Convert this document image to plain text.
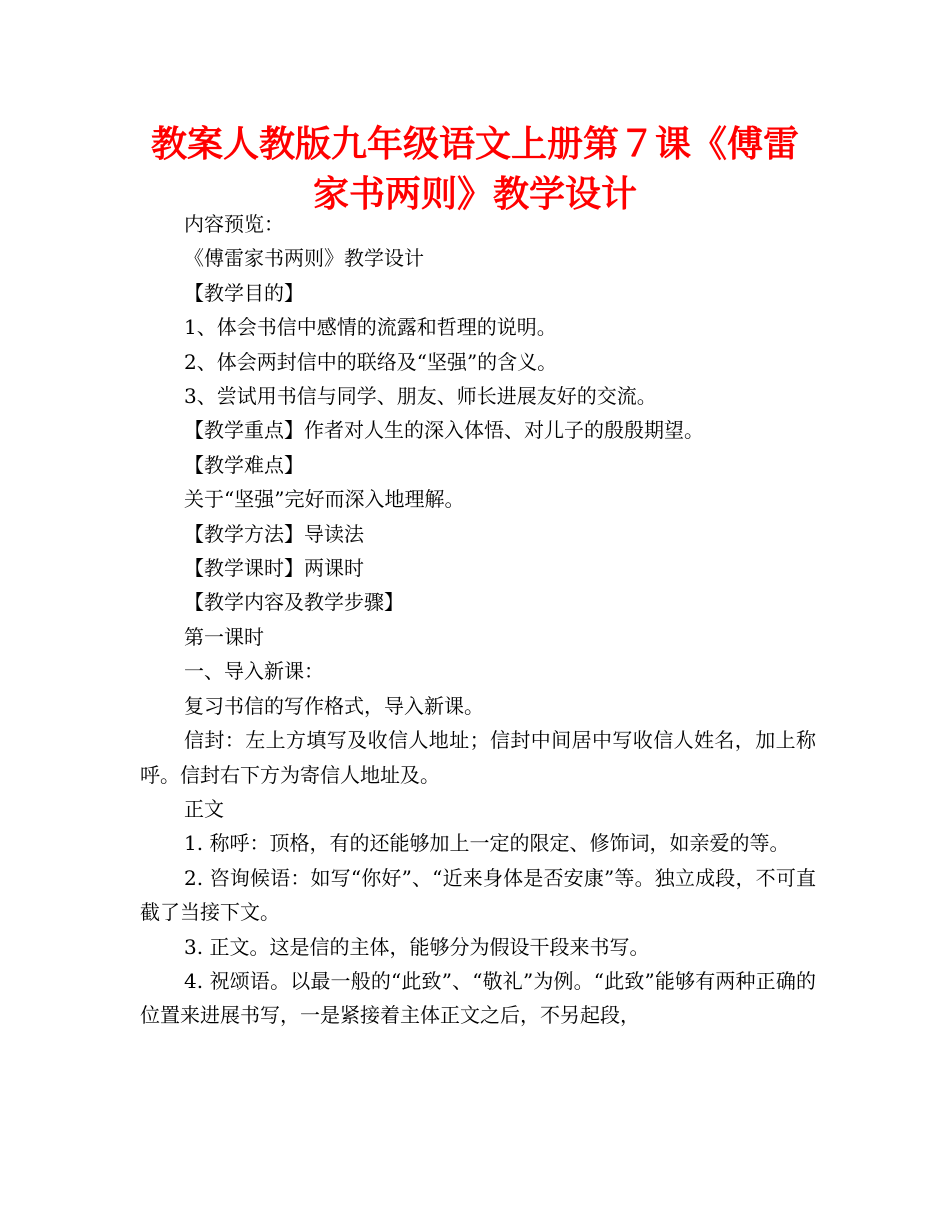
教案人教版九年级语文上册第７课《傅雷家书两则》教学设计

内容预览：

《傅雷家书两则》教学设计

【教学目的】

1、体会书信中感情的流露和哲理的说明。

2、体会两封信中的联络及“坚强”的含义。

3、尝试用书信与同学、朋友、师长进展友好的交流。

【教学重点】作者对人生的深入体悟、对儿子的殷殷期望。

【教学难点】

关于“坚强”完好而深入地理解。

【教学方法】导读法

【教学课时】两课时

【教学内容及教学步骤】

第一课时

一、导入新课：

复习书信的写作格式，导入新课。

信封：左上方填写及收信人地址；信封中间居中写收信人姓名，加上称呼。信封右下方为寄信人地址及。

正文

1. 称呼：顶格，有的还能够加上一定的限定、修饰词，如亲爱的等。

2. 咨询候语：如写“你好”、“近来身体是否安康”等。独立成段，不可直截了当接下文。

3. 正文。这是信的主体，能够分为假设干段来书写。

4. 祝颂语。以最一般的“此致”、“敬礼”为例。“此致”能够有两种正确的位置来进展书写，一是紧接着主体正文之后，不另起段，
